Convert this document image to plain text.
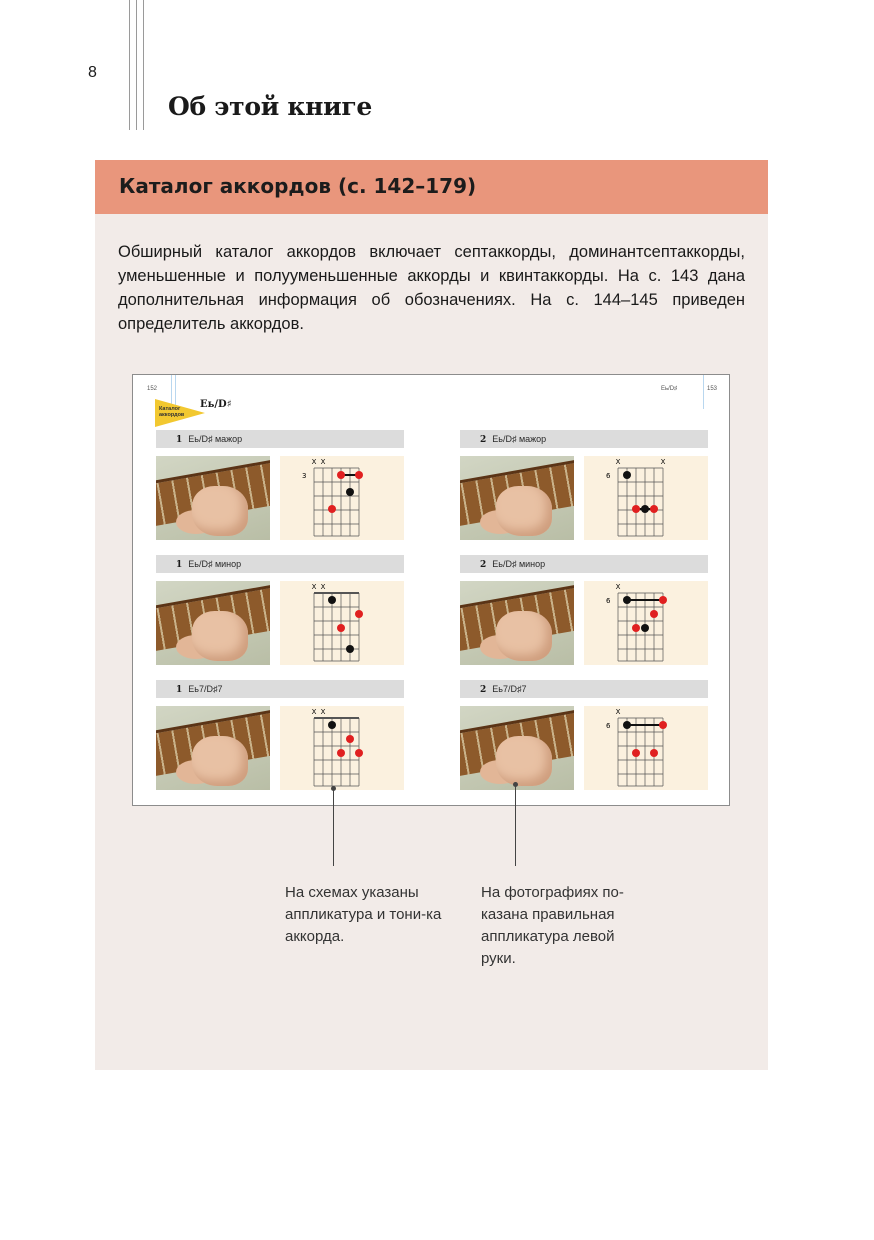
8
Об этой книге
Каталог аккордов (с. 142–179)

Обширный каталог аккордов включает септаккорды, доминантсептаккорды, уменьшенные и полууменьшенные аккорды и квинтаккорды. На с. 143 дана дополнительная информация об обозначениях. На с. 144–145 приведен определитель аккордов.

152	Eь/D♯	153
Каталог
аккордов
Eь/D♯
1 Eь/D♯ мажор
X X
3
2 Eь/D♯ мажор
X	X
6
1 Eь/D♯ минор
X X
2 Eь/D♯ минор
X
6
1 Eь7/D♯7
X X
2 Eь7/D♯7
X
6

На схемах указаны аппликатура и тони-ка аккорда.

На фотографиях по-казана правильная аппликатура левой руки.
